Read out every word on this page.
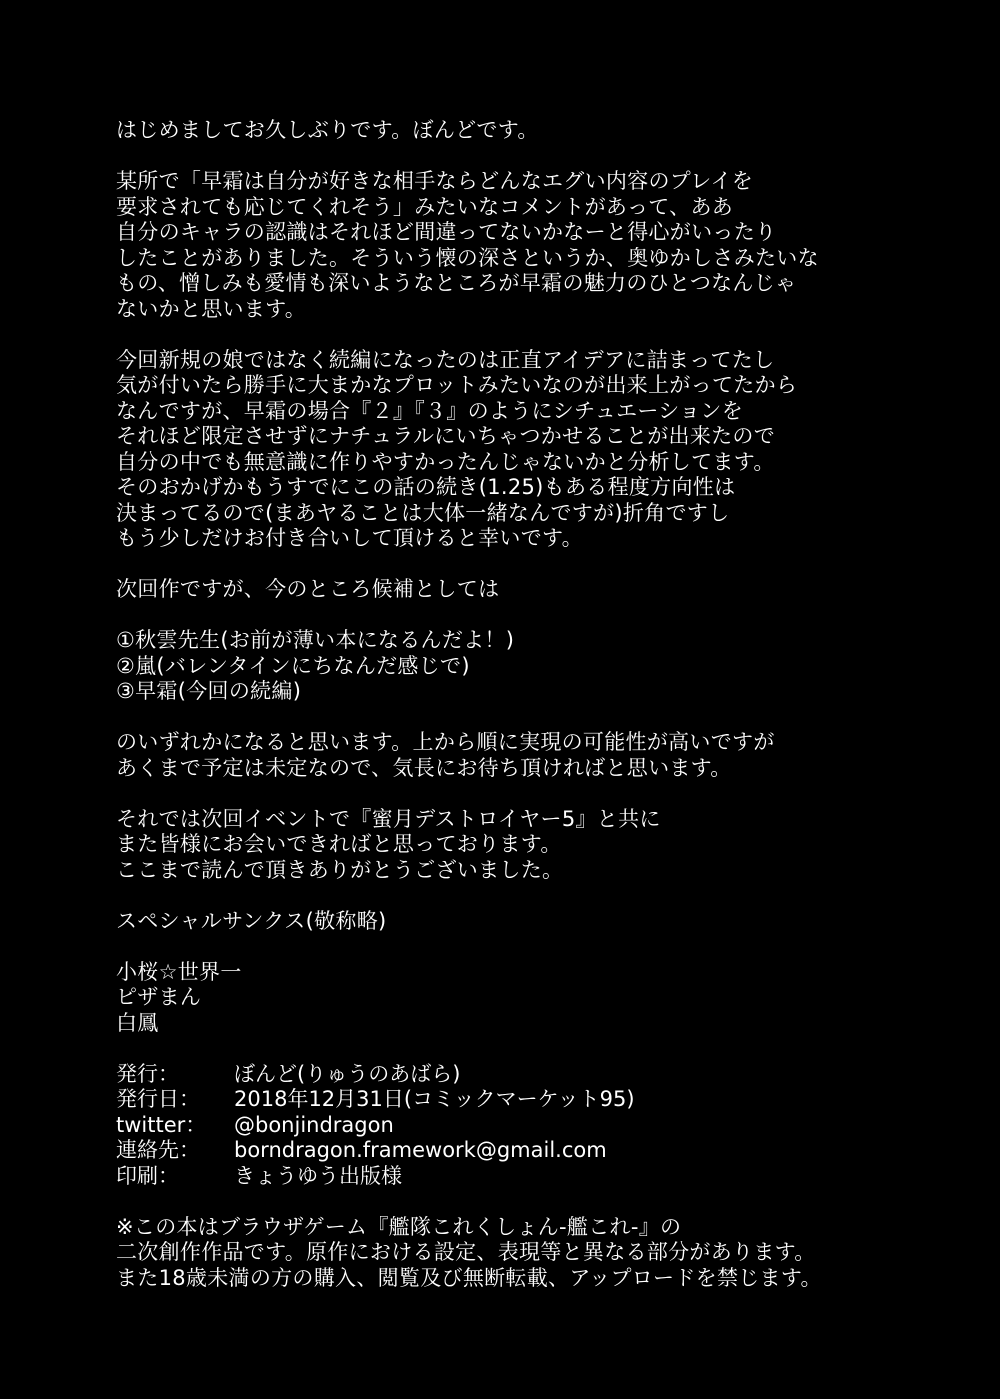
はじめましてお久しぶりです。ぼんどです。
某所で「早霜は自分が好きな相手ならどんなエグい内容のプレイを
要求されても応じてくれそう」みたいなコメントがあって、ああ
自分のキャラの認識はそれほど間違ってないかなーと得心がいったり
したことがありました。そういう懐の深さというか、奥ゆかしさみたいな
もの、憎しみも愛情も深いようなところが早霜の魅力のひとつなんじゃ
ないかと思います。
今回新規の娘ではなく続編になったのは正直アイデアに詰まってたし
気が付いたら勝手に大まかなプロットみたいなのが出来上がってたから
なんですが、早霜の場合『２』『３』のようにシチュエーションを
それほど限定させずにナチュラルにいちゃつかせることが出来たので
自分の中でも無意識に作りやすかったんじゃないかと分析してます。
そのおかげかもうすでにこの話の続き(1.25)もある程度方向性は
決まってるので(まあヤることは大体一緒なんですが)折角ですし
もう少しだけお付き合いして頂けると幸いです。
次回作ですが、今のところ候補としては
①秋雲先生(お前が薄い本になるんだよ！)
②嵐(バレンタインにちなんだ感じで)
③早霜(今回の続編)
のいずれかになると思います。上から順に実現の可能性が高いですが
あくまで予定は未定なので、気長にお待ち頂ければと思います。
それでは次回イベントで『蜜月デストロイヤー5』と共に
また皆様にお会いできればと思っております。
ここまで読んで頂きありがとうございました。
スペシャルサンクス(敬称略)
小桜☆世界一
ピザまん
白鳳
発行：	ぼんど(りゅうのあばら)
発行日：	2018年12月31日(コミックマーケット95)
twitter：	@bonjindragon
連絡先：	borndragon.framework@gmail.com
印刷：	きょうゆう出版様
※この本はブラウザゲーム『艦隊これくしょん-艦これ-』の
二次創作作品です。原作における設定、表現等と異なる部分があります。
また18歳未満の方の購入、閲覧及び無断転載、アップロードを禁じます。
